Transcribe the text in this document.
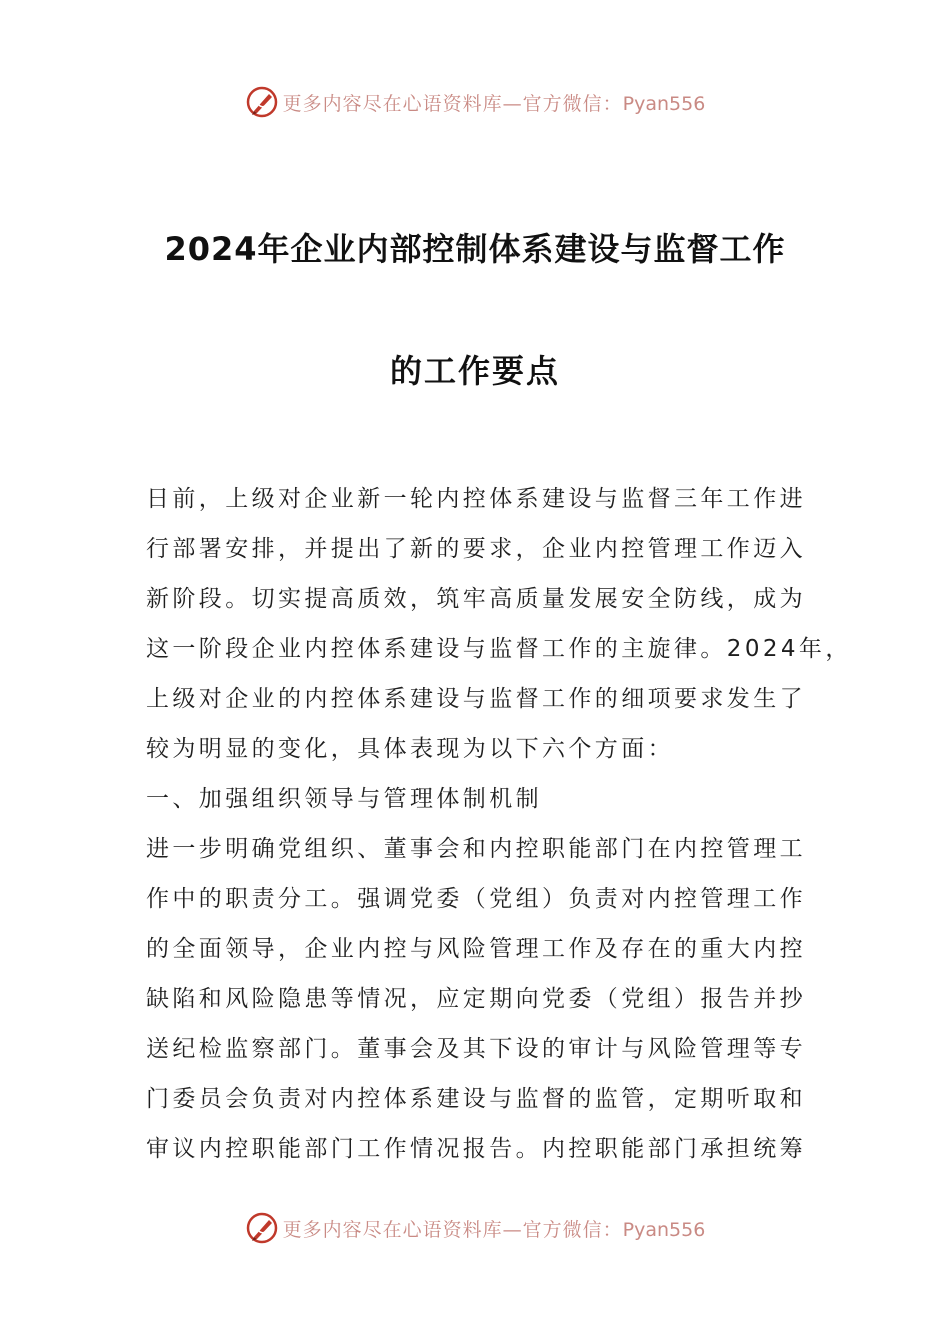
更多内容尽在心语资料库—官方微信：Pyan556
2024年企业内部控制体系建设与监督工作
的工作要点
日前，上级对企业新一轮内控体系建设与监督三年工作进
行部署安排，并提出了新的要求，企业内控管理工作迈入
新阶段。切实提高质效，筑牢高质量发展安全防线，成为
这一阶段企业内控体系建设与监督工作的主旋律。2024年，
上级对企业的内控体系建设与监督工作的细项要求发生了
较为明显的变化，具体表现为以下六个方面：
一、加强组织领导与管理体制机制
进一步明确党组织、董事会和内控职能部门在内控管理工
作中的职责分工。强调党委（党组）负责对内控管理工作
的全面领导，企业内控与风险管理工作及存在的重大内控
缺陷和风险隐患等情况，应定期向党委（党组）报告并抄
送纪检监察部门。董事会及其下设的审计与风险管理等专
门委员会负责对内控体系建设与监督的监管，定期听取和
审议内控职能部门工作情况报告。内控职能部门承担统筹
更多内容尽在心语资料库—官方微信：Pyan556
